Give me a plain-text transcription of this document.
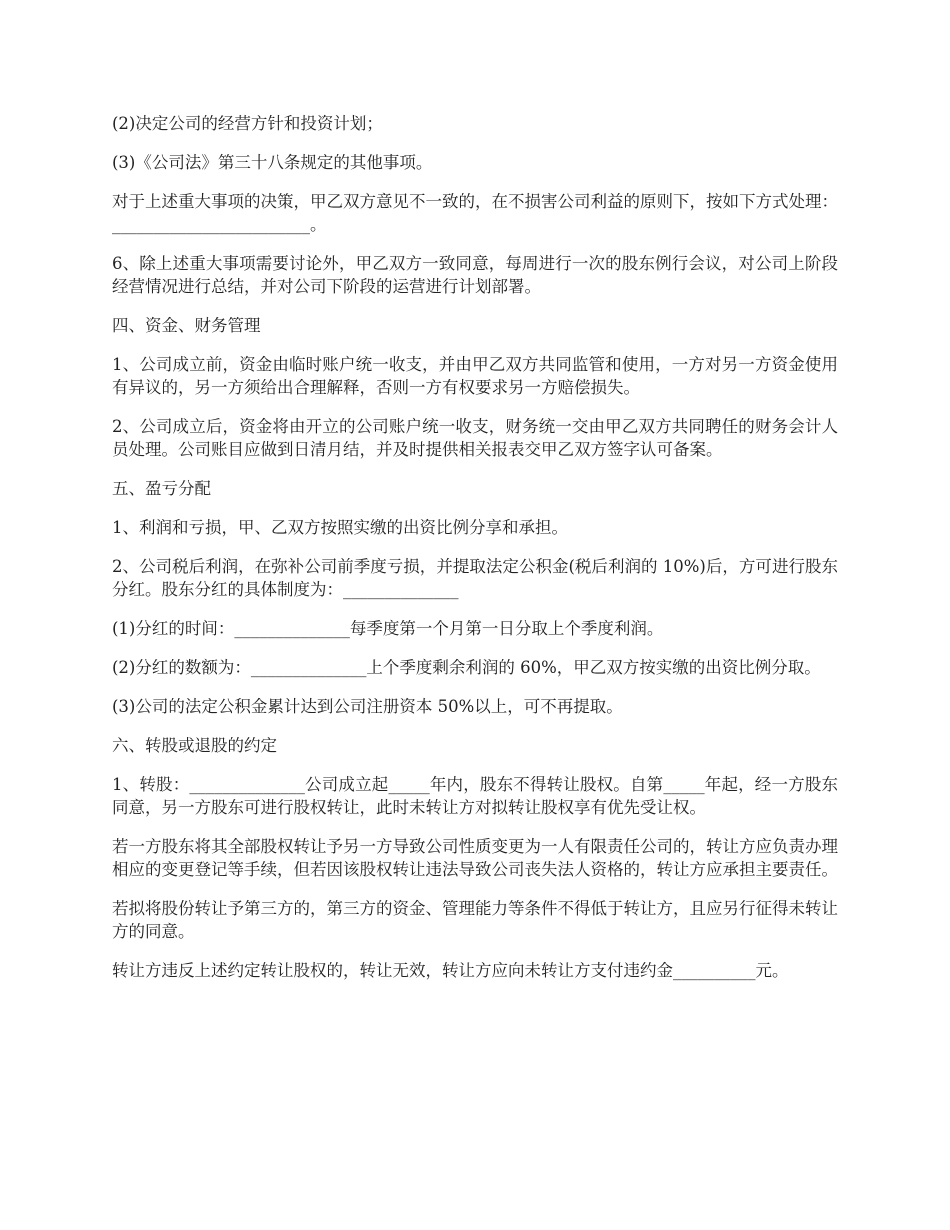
(2)决定公司的经营方针和投资计划；

(3)《公司法》第三十八条规定的其他事项。

对于上述重大事项的决策，甲乙双方意见不一致的，在不损害公司利益的原则下，按如下方式处理：________________________。

6、除上述重大事项需要讨论外，甲乙双方一致同意，每周进行一次的股东例行会议，对公司上阶段经营情况进行总结，并对公司下阶段的运营进行计划部署。

四、资金、财务管理

1、公司成立前，资金由临时账户统一收支，并由甲乙双方共同监管和使用，一方对另一方资金使用有异议的，另一方须给出合理解释，否则一方有权要求另一方赔偿损失。

2、公司成立后，资金将由开立的公司账户统一收支，财务统一交由甲乙双方共同聘任的财务会计人员处理。公司账目应做到日清月结，并及时提供相关报表交甲乙双方签字认可备案。

五、盈亏分配

1、利润和亏损，甲、乙双方按照实缴的出资比例分享和承担。

2、公司税后利润，在弥补公司前季度亏损，并提取法定公积金(税后利润的 10%)后，方可进行股东分红。股东分红的具体制度为：______________

(1)分红的时间：______________每季度第一个月第一日分取上个季度利润。

(2)分红的数额为：______________上个季度剩余利润的 60%，甲乙双方按实缴的出资比例分取。

(3)公司的法定公积金累计达到公司注册资本 50%以上，可不再提取。

六、转股或退股的约定

1、转股：______________公司成立起_____年内，股东不得转让股权。自第_____年起，经一方股东同意，另一方股东可进行股权转让，此时未转让方对拟转让股权享有优先受让权。

若一方股东将其全部股权转让予另一方导致公司性质变更为一人有限责任公司的，转让方应负责办理相应的变更登记等手续，但若因该股权转让违法导致公司丧失法人资格的，转让方应承担主要责任。

若拟将股份转让予第三方的，第三方的资金、管理能力等条件不得低于转让方，且应另行征得未转让方的同意。

转让方违反上述约定转让股权的，转让无效，转让方应向未转让方支付违约金__________元。
